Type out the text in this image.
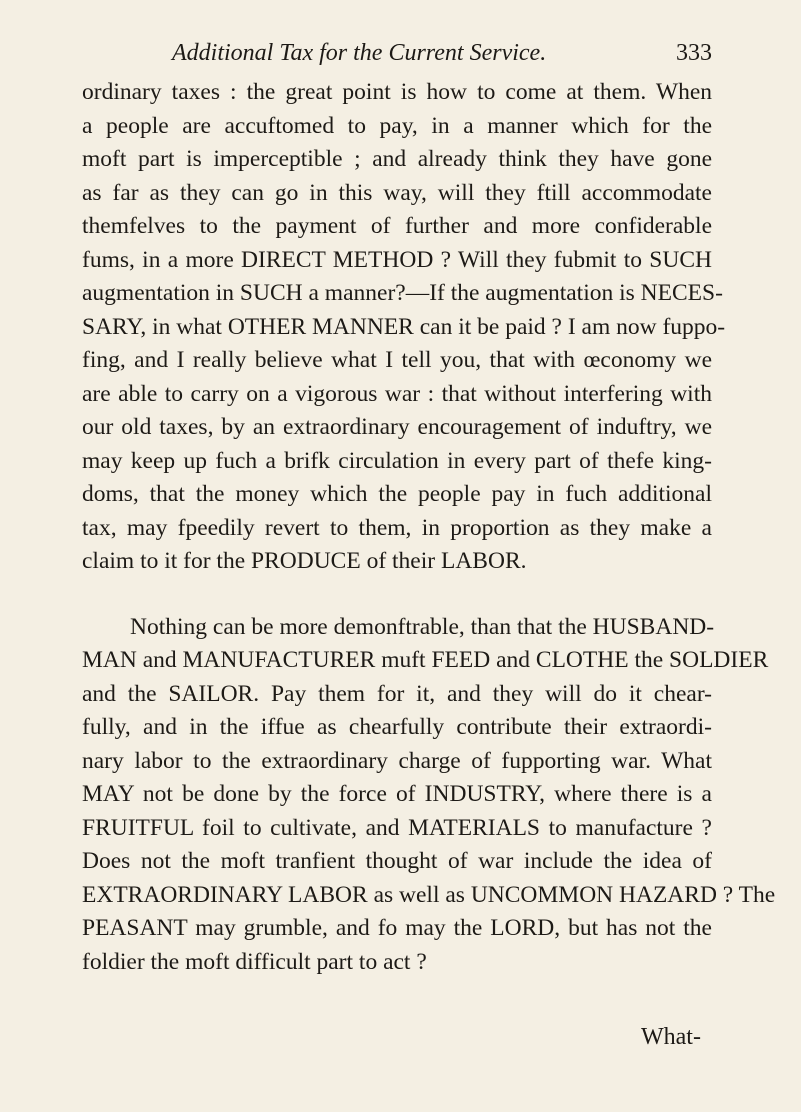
Additional Tax for the Current Service.	333
ordinary taxes : the great point is how to come at them. When
a people are accuftomed to pay, in a manner which for the
moft part is imperceptible ; and already think they have gone
as far as they can go in this way, will they ftill accommodate
themfelves to the payment of further and more confiderable
fums, in a more DIRECT METHOD ? Will they fubmit to SUCH
augmentation in SUCH a manner?—If the augmentation is NECES-
SARY, in what OTHER MANNER can it be paid ? I am now fuppo-
fing, and I really believe what I tell you, that with œconomy we
are able to carry on a vigorous war : that without interfering with
our old taxes, by an extraordinary encouragement of induftry, we
may keep up fuch a brifk circulation in every part of thefe king-
doms, that the money which the people pay in fuch additional
tax, may fpeedily revert to them, in proportion as they make a
claim to it for the PRODUCE of their LABOR.
Nothing can be more demonftrable, than that the HUSBAND-
MAN and MANUFACTURER muft FEED and CLOTHE the SOLDIER
and the SAILOR. Pay them for it, and they will do it chear-
fully, and in the iffue as chearfully contribute their extraordi-
nary labor to the extraordinary charge of fupporting war. What
MAY not be done by the force of INDUSTRY, where there is a
FRUITFUL foil to cultivate, and MATERIALS to manufacture ?
Does not the moft tranfient thought of war include the idea of
EXTRAORDINARY LABOR as well as UNCOMMON HAZARD ? The
PEASANT may grumble, and fo may the LORD, but has not the
foldier the moft difficult part to act ?
What-
